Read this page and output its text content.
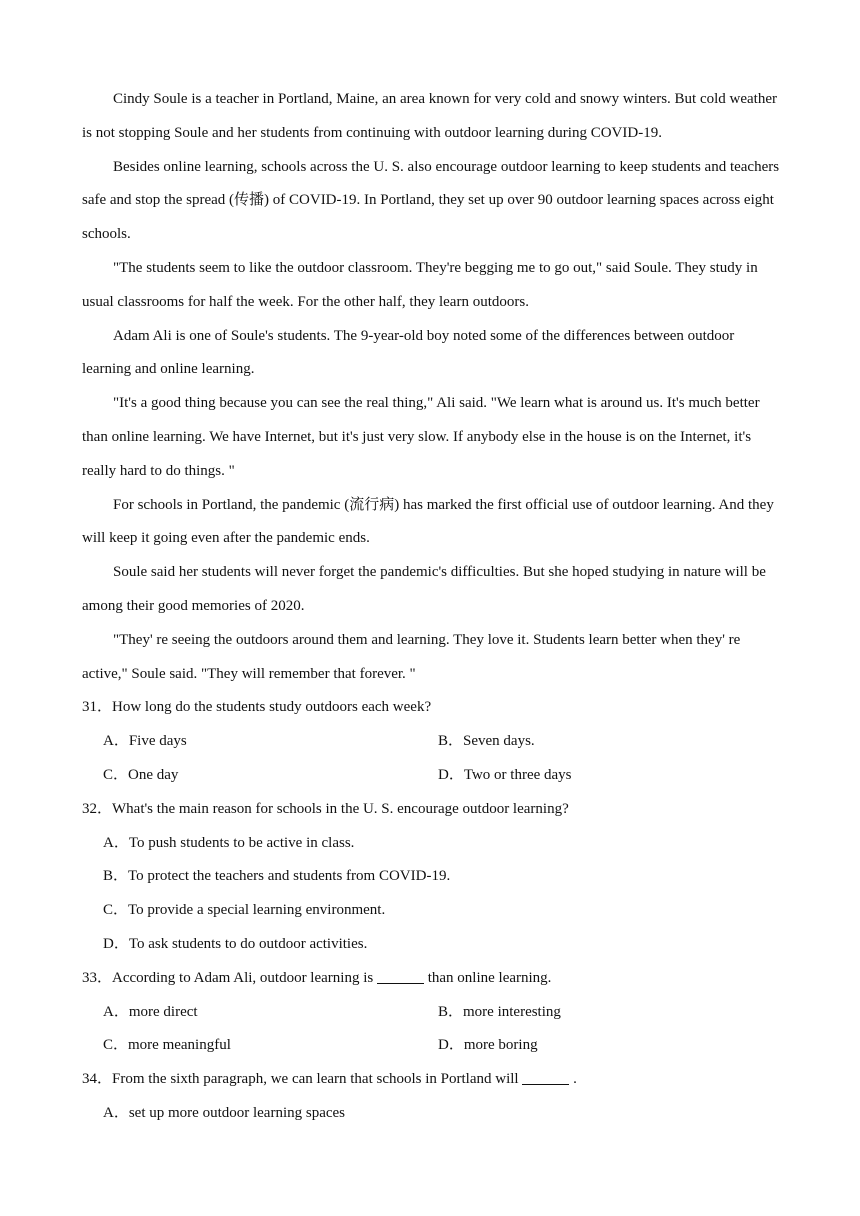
Cindy Soule is a teacher in Portland, Maine, an area known for very cold and snowy winters. But cold weather is not stopping Soule and her students from continuing with outdoor learning during COVID-19.

Besides online learning, schools across the U. S. also encourage outdoor learning to keep students and teachers safe and stop the spread (传播) of COVID-19. In Portland, they set up over 90 outdoor learning spaces across eight schools.

"The students seem to like the outdoor classroom. They're begging me to go out," said Soule. They study in usual classrooms for half the week. For the other half, they learn outdoors.

Adam Ali is one of Soule's students. The 9-year-old boy noted some of the differences between outdoor learning and online learning.

"It's a good thing because you can see the real thing," Ali said. "We learn what is around us. It's much better than online learning. We have Internet, but it's just very slow. If anybody else in the house is on the Internet, it's really hard to do things. "

For schools in Portland, the pandemic (流行病) has marked the first official use of outdoor learning. And they will keep it going even after the pandemic ends.

Soule said her students will never forget the pandemic's difficulties. But she hoped studying in nature will be among their good memories of 2020.

"They' re seeing the outdoors around them and learning. They love it. Students learn better when they' re active," Soule said. "They will remember that forever. "

31．How long do the students study outdoors each week?

A．Five days	B．Seven days.
C．One day	D．Two or three days

32．What's the main reason for schools in the U. S. encourage outdoor learning?

A．To push students to be active in class.
B．To protect the teachers and students from COVID-19.
C．To provide a special learning environment.
D．To ask students to do outdoor activities.

33．According to Adam Ali, outdoor learning is	than online learning.

A．more direct	B．more interesting
C．more meaningful	D．more boring

34．From the sixth paragraph, we can learn that schools in Portland will	.

A．set up more outdoor learning spaces
